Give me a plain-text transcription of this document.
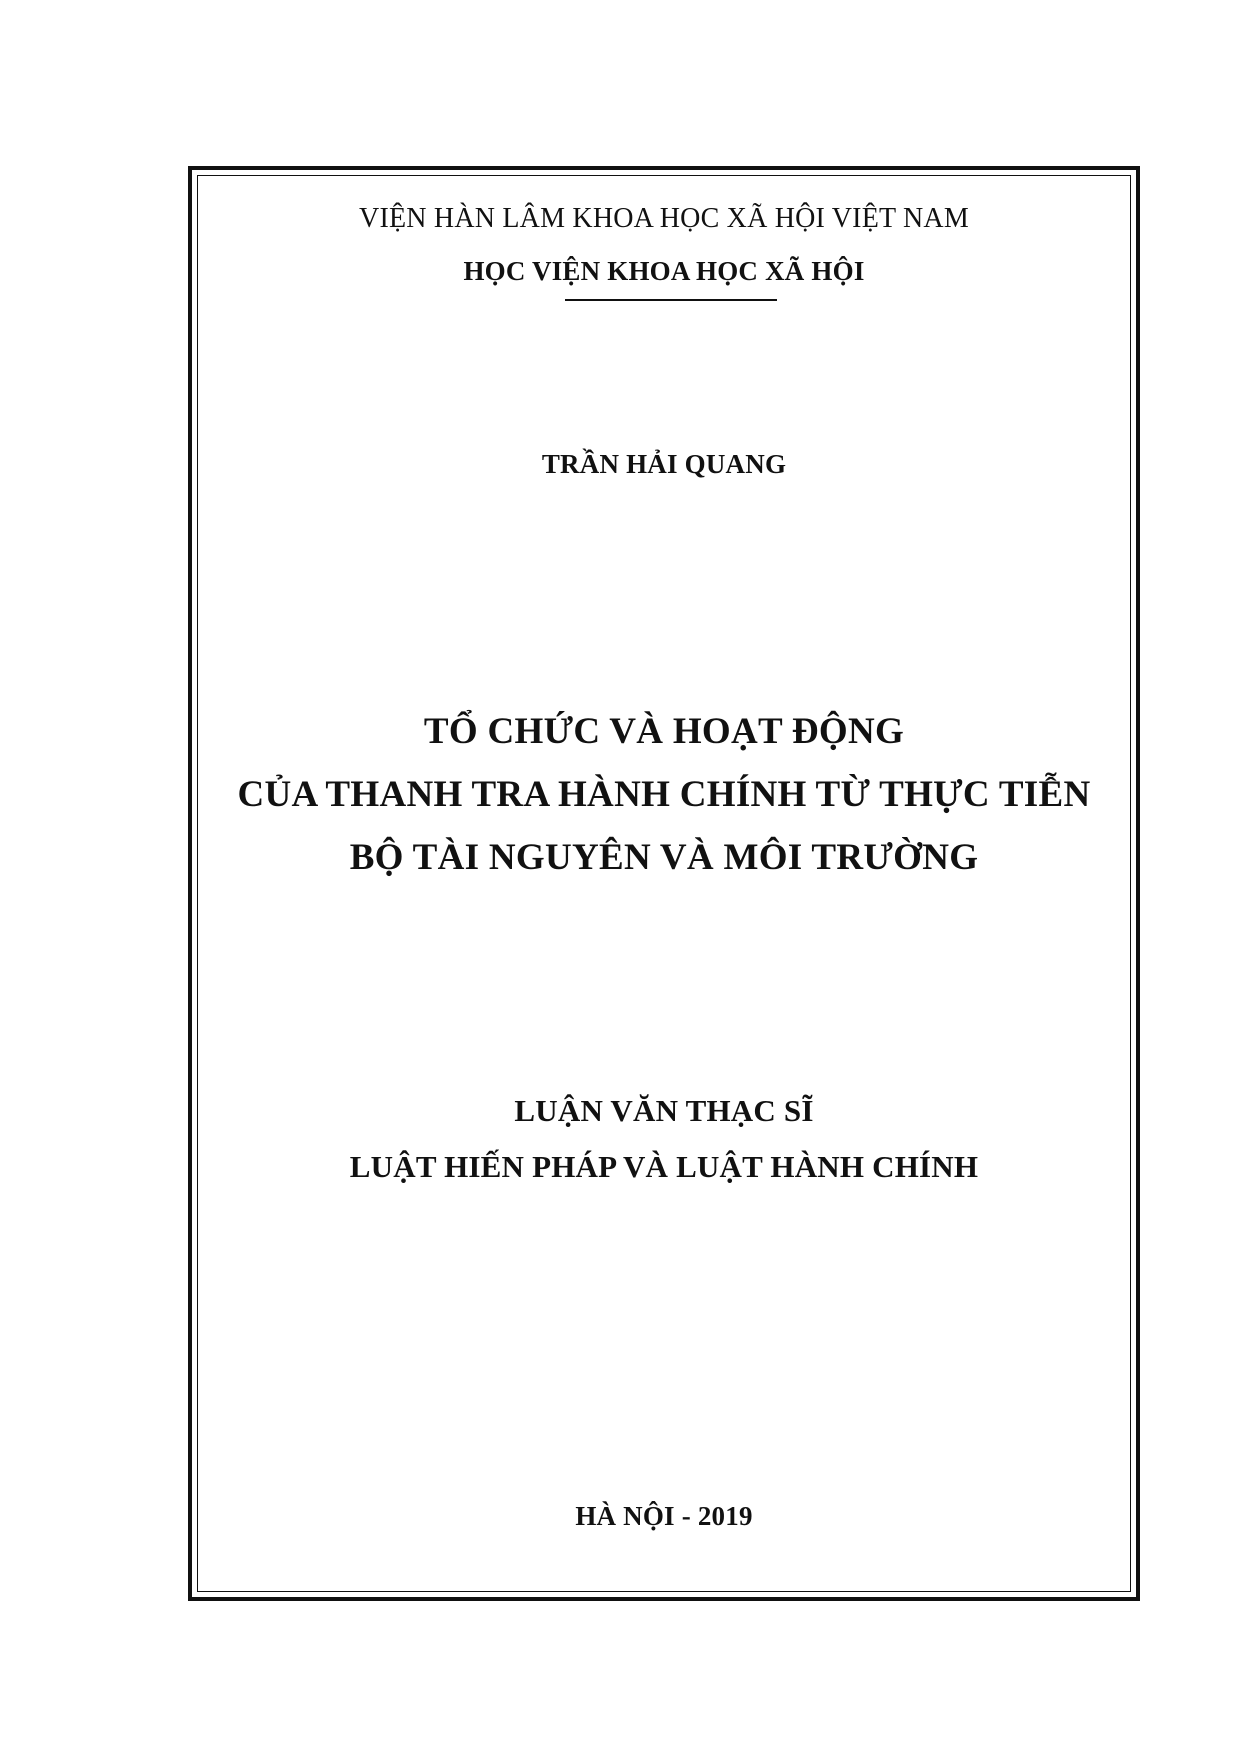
VIỆN HÀN LÂM KHOA HỌC XÃ HỘI VIỆT NAM
HỌC VIỆN KHOA HỌC XÃ HỘI
TRẦN HẢI QUANG
TỔ CHỨC VÀ HOẠT ĐỘNG
CỦA THANH TRA HÀNH CHÍNH TỪ THỰC TIỄN
BỘ TÀI NGUYÊN VÀ MÔI TRƯỜNG
LUẬN VĂN THẠC SĨ
LUẬT HIẾN PHÁP VÀ LUẬT HÀNH CHÍNH
HÀ NỘI - 2019
